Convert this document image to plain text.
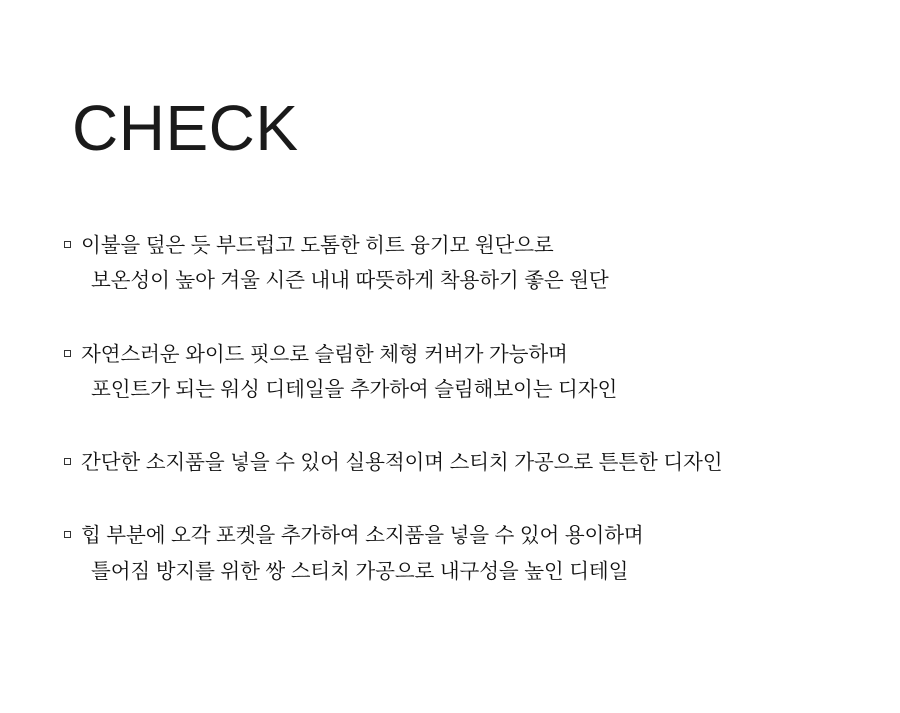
CHECK
이불을 덮은 듯 부드럽고 도톰한 히트 융기모 원단으로
보온성이 높아 겨울 시즌 내내 따뜻하게 착용하기 좋은 원단
자연스러운 와이드 핏으로 슬림한 체형 커버가 가능하며
포인트가 되는 워싱 디테일을 추가하여 슬림해보이는 디자인
간단한 소지품을 넣을 수 있어 실용적이며 스티치 가공으로 튼튼한 디자인
힙 부분에 오각 포켓을 추가하여 소지품을 넣을 수 있어 용이하며
틀어짐 방지를 위한 쌍 스티치 가공으로 내구성을 높인 디테일
